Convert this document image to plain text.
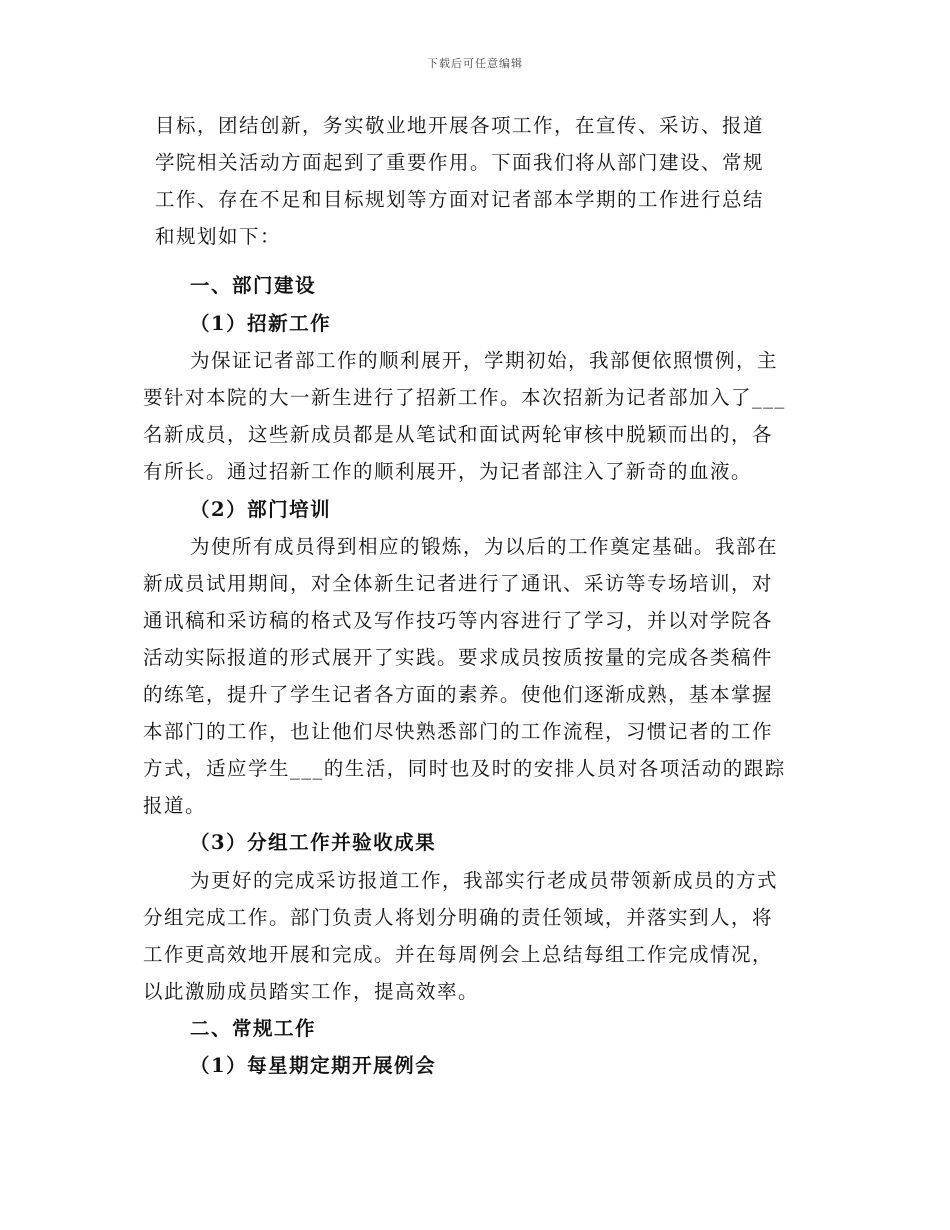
下载后可任意编辑
目标，团结创新，务实敬业地开展各项工作，在宣传、采访、报道
学院相关活动方面起到了重要作用。下面我们将从部门建设、常规
工作、存在不足和目标规划等方面对记者部本学期的工作进行总结
和规划如下：
一、部门建设
（1）招新工作
为保证记者部工作的顺利展开，学期初始，我部便依照惯例，主
要针对本院的大一新生进行了招新工作。本次招新为记者部加入了___
名新成员，这些新成员都是从笔试和面试两轮审核中脱颖而出的，各
有所长。通过招新工作的顺利展开，为记者部注入了新奇的血液。
（2）部门培训
为使所有成员得到相应的锻炼，为以后的工作奠定基础。我部在
新成员试用期间，对全体新生记者进行了通讯、采访等专场培训，对
通讯稿和采访稿的格式及写作技巧等内容进行了学习，并以对学院各
活动实际报道的形式展开了实践。要求成员按质按量的完成各类稿件
的练笔，提升了学生记者各方面的素养。使他们逐渐成熟，基本掌握
本部门的工作，也让他们尽快熟悉部门的工作流程，习惯记者的工作
方式，适应学生___的生活，同时也及时的安排人员对各项活动的跟踪
报道。
（3）分组工作并验收成果
为更好的完成采访报道工作，我部实行老成员带领新成员的方式
分组完成工作。部门负责人将划分明确的责任领域，并落实到人，将
工作更高效地开展和完成。并在每周例会上总结每组工作完成情况，
以此激励成员踏实工作，提高效率。
二、常规工作
（1）每星期定期开展例会
